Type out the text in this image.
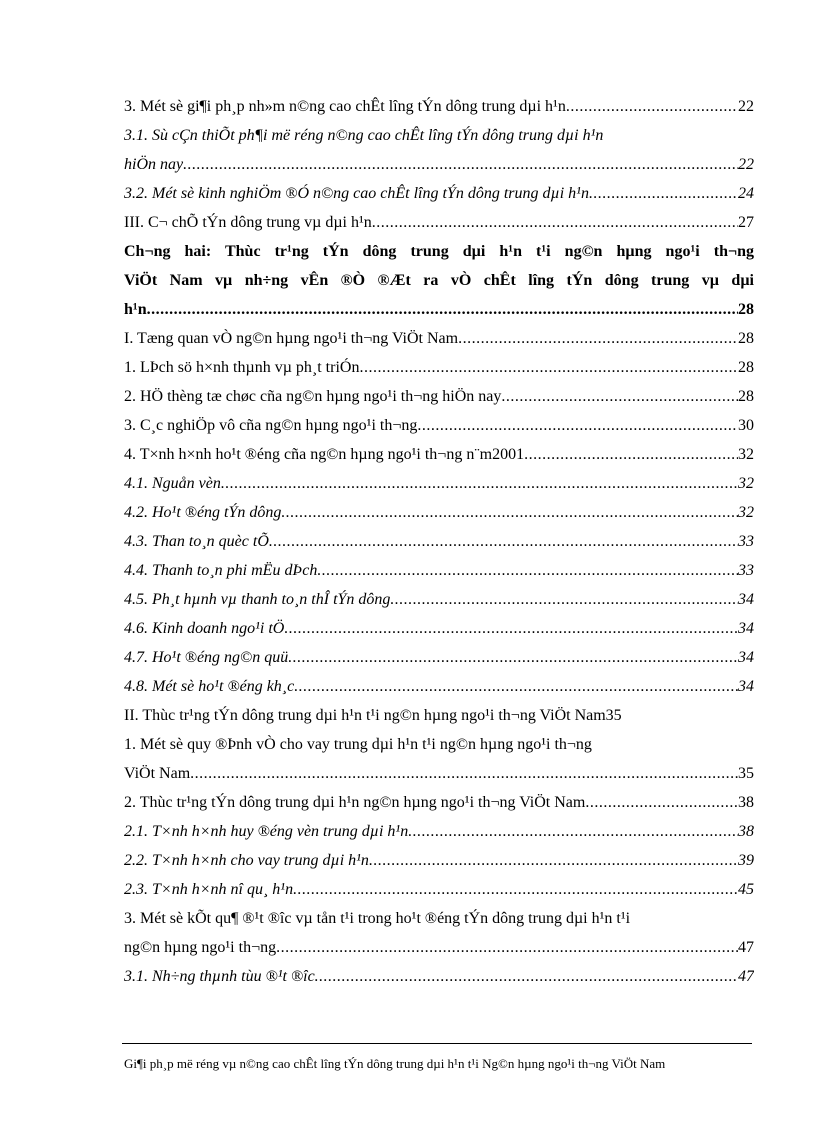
3. Mét sè gi¶i ph¸p nh»m n©ng cao chÊt lîng tÝn dông trung dµi h¹n .....	22
3.1. Sù cÇn thiÕt ph¶i më réng n©ng cao chÊt lîng tÝn dông trung dµi h¹n
hiÖn nay .....	22
3.2. Mét sè kinh nghiÖm ®Ó n©ng cao chÊt lîng tÝn dông trung dµi h¹n .....	24
III. C¬ chÕ tÝn dông trung vµ dµi h¹n .....	27
Ch¬ng hai: Thùc tr¹ng tÝn dông trung dµi h¹n t¹i ng©n hµng ngo¹i th¬ng
ViÖt Nam vµ nh÷ng vÊn ®Ò ®Æt ra vÒ chÊt lîng tÝn dông trung vµ dµi
h¹n .....	28
I. Tæng quan vÒ ng©n hµng ngo¹i th¬ng ViÖt Nam .....	28
1. LÞch sö h×nh thµnh vµ ph¸t triÓn .....	28
2. HÖ thèng tæ chøc cña ng©n hµng ngo¹i th¬ng hiÖn nay .....	28
3. C¸c nghiÖp vô cña ng©n hµng ngo¹i th¬ng .....	30
4. T×nh h×nh ho¹t ®éng cña ng©n hµng ngo¹i th¬ng n¨m2001 .....	32
4.1. Nguån vèn .....	32
4.2. Ho¹t ®éng tÝn dông .....	32
4.3. Than to¸n quèc tÕ .....	33
4.4. Thanh to¸n phi mËu dÞch .....	33
4.5. Ph¸t hµnh vµ thanh to¸n thÎ tÝn dông .....	34
4.6. Kinh doanh ngo¹i tÖ .....	34
4.7. Ho¹t ®éng ng©n quü .....	34
4.8. Mét sè ho¹t ®éng kh¸c .....	34
II. Thùc tr¹ng tÝn dông trung dµi h¹n t¹i ng©n hµng ngo¹i th¬ng ViÖt Nam 35
1. Mét sè quy ®Þnh vÒ cho vay trung dµi h¹n t¹i ng©n hµng ngo¹i th¬ng
ViÖt Nam .....	35
2. Thùc tr¹ng tÝn dông trung dµi h¹n ng©n hµng ngo¹i th¬ng ViÖt Nam .....	38
2.1. T×nh h×nh huy ®éng vèn trung dµi h¹n .....	38
2.2. T×nh h×nh cho vay trung dµi h¹n .....	39
2.3. T×nh h×nh nî qu¸ h¹n .....	45
3. Mét sè kÕt qu¶ ®¹t ®îc vµ tån t¹i trong ho¹t ®éng tÝn dông trung dµi h¹n t¹i
ng©n hµng ngo¹i th¬ng .....	47
3.1. Nh÷ng thµnh tùu ®¹t ®îc .....	47
Gi¶i ph¸p më réng vµ n©ng cao chÊt lîng tÝn dông trung dµi h¹n t¹i Ng©n hµng ngo¹i th¬ng ViÖt Nam
